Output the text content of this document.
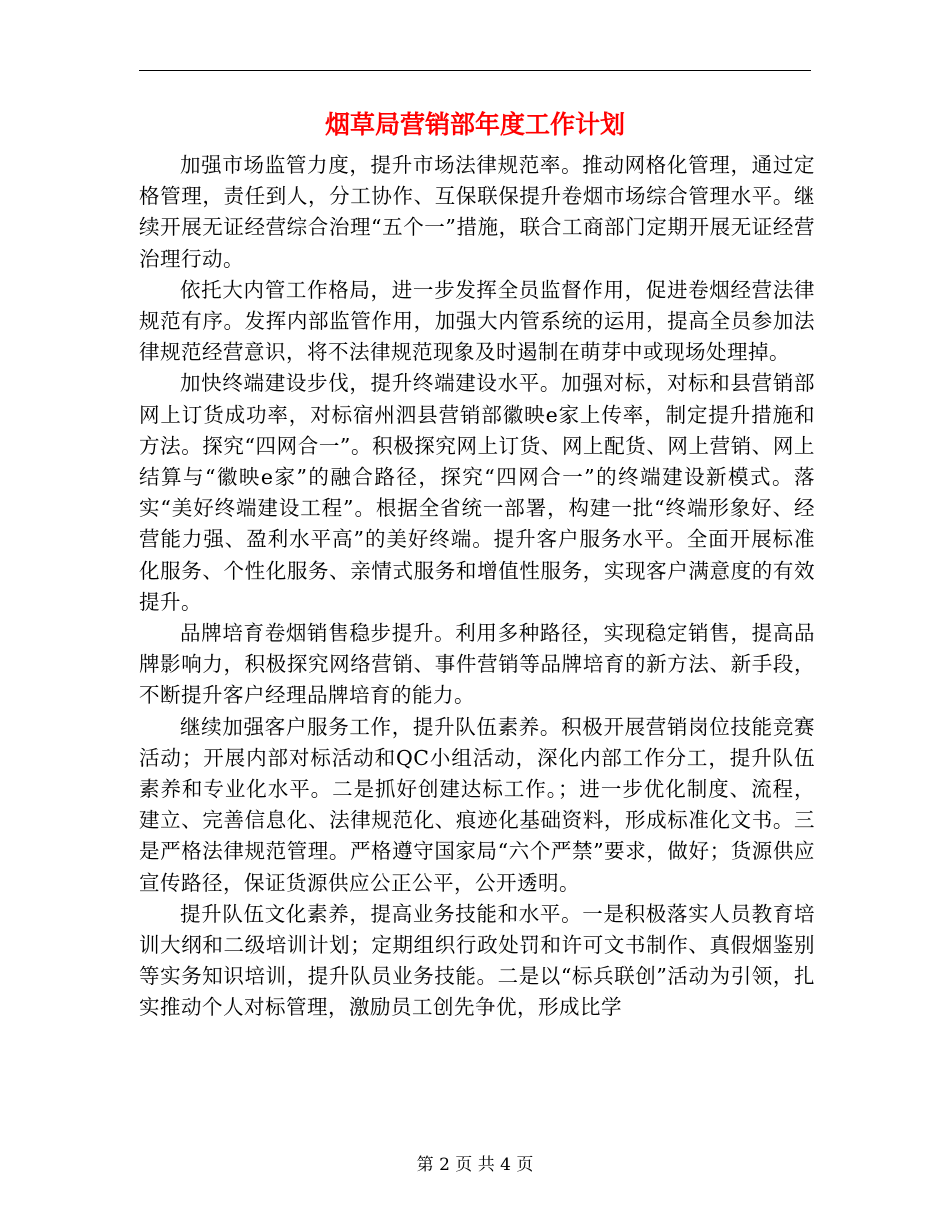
烟草局营销部年度工作计划

加强市场监管力度，提升市场法律规范率。推动网格化管理，通过定格管理，责任到人，分工协作、互保联保提升卷烟市场综合管理水平。继续开展无证经营综合治理“五个一”措施，联合工商部门定期开展无证经营治理行动。

依托大内管工作格局，进一步发挥全员监督作用，促进卷烟经营法律规范有序。发挥内部监管作用，加强大内管系统的运用，提高全员参加法律规范经营意识，将不法律规范现象及时遏制在萌芽中或现场处理掉。

加快终端建设步伐，提升终端建设水平。加强对标，对标和县营销部网上订货成功率，对标宿州泗县营销部徽映e家上传率，制定提升措施和方法。探究“四网合一”。积极探究网上订货、网上配货、网上营销、网上结算与“徽映e家”的融合路径，探究“四网合一”的终端建设新模式。落实“美好终端建设工程”。根据全省统一部署，构建一批“终端形象好、经营能力强、盈利水平高”的美好终端。提升客户服务水平。全面开展标准化服务、个性化服务、亲情式服务和增值性服务，实现客户满意度的有效提升。

品牌培育卷烟销售稳步提升。利用多种路径，实现稳定销售，提高品牌影响力，积极探究网络营销、事件营销等品牌培育的新方法、新手段，不断提升客户经理品牌培育的能力。

继续加强客户服务工作，提升队伍素养。积极开展营销岗位技能竞赛活动；开展内部对标活动和QC小组活动，深化内部工作分工，提升队伍素养和专业化水平。二是抓好创建达标工作。；进一步优化制度、流程，建立、完善信息化、法律规范化、痕迹化基础资料，形成标准化文书。三是严格法律规范管理。严格遵守国家局“六个严禁”要求，做好；货源供应宣传路径，保证货源供应公正公平，公开透明。

提升队伍文化素养，提高业务技能和水平。一是积极落实人员教育培训大纲和二级培训计划；定期组织行政处罚和许可文书制作、真假烟鉴别等实务知识培训，提升队员业务技能。二是以“标兵联创”活动为引领，扎实推动个人对标管理，激励员工创先争优，形成比学

第 2 页 共 4 页
